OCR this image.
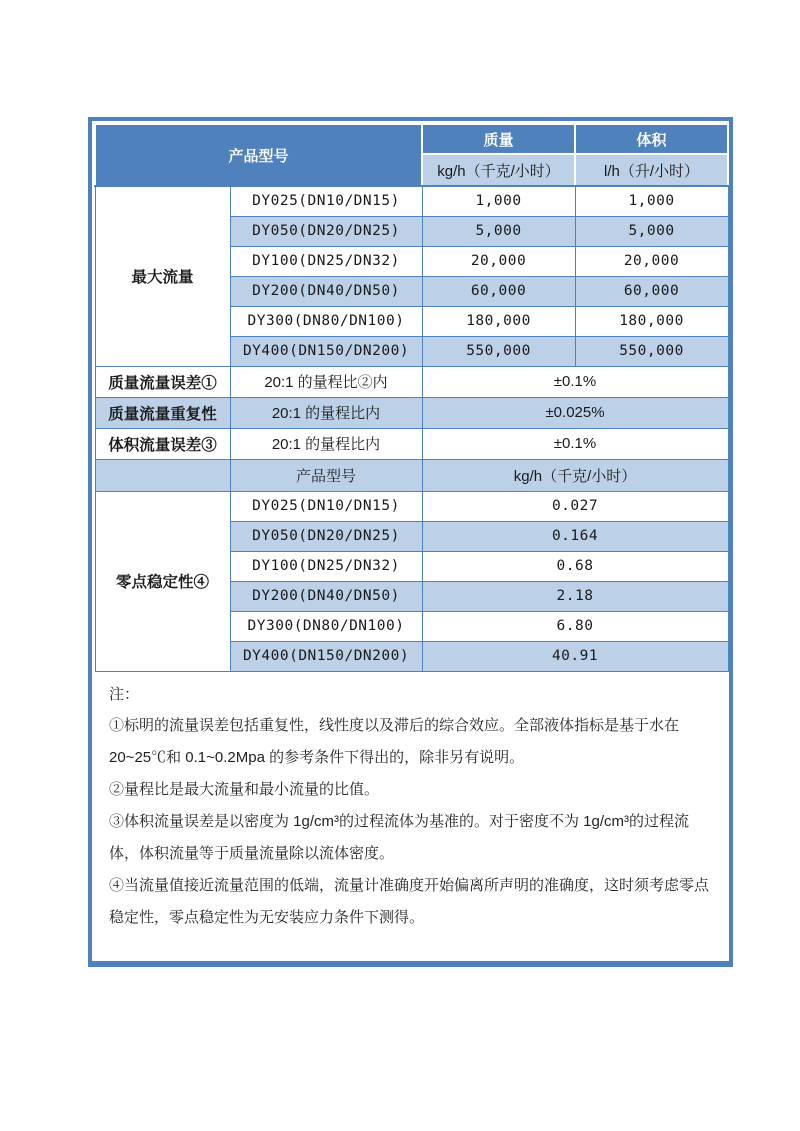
产品型号		质量	体积
		kg/h（千克/小时）	l/h（升/小时）
最大流量	DY025(DN10/DN15)	1,000	1,000
	DY050(DN20/DN25)	5,000	5,000
	DY100(DN25/DN32)	20,000	20,000
	DY200(DN40/DN50)	60,000	60,000
	DY300(DN80/DN100)	180,000	180,000
	DY400(DN150/DN200)	550,000	550,000
质量流量误差①	20:1 的量程比②内	±0.1%	
质量流量重复性	20:1 的量程比内	±0.025%	
体积流量误差③	20:1 的量程比内	±0.1%	
	产品型号	kg/h（千克/小时）	
零点稳定性④	DY025(DN10/DN15)	0.027	
	DY050(DN20/DN25)	0.164	
	DY100(DN25/DN32)	0.68	
	DY200(DN40/DN50)	2.18	
	DY300(DN80/DN100)	6.80	
	DY400(DN150/DN200)	40.91	

注：
①标明的流量误差包括重复性，线性度以及滞后的综合效应。全部液体指标是基于水在20~25℃和 0.1~0.2Mpa 的参考条件下得出的，除非另有说明。
②量程比是最大流量和最小流量的比值。
③体积流量误差是以密度为 1g/cm³的过程流体为基准的。对于密度不为 1g/cm³的过程流体，体积流量等于质量流量除以流体密度。
④当流量值接近流量范围的低端，流量计准确度开始偏离所声明的准确度，这时须考虑零点稳定性，零点稳定性为无安装应力条件下测得。			
